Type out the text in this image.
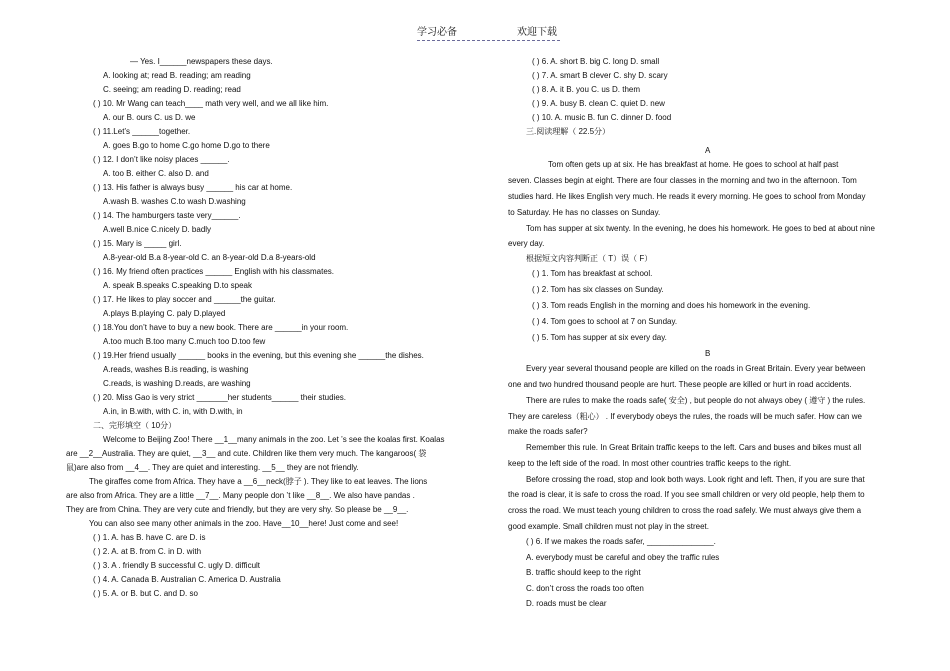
学习必备	欢迎下载
— Yes. I______newspapers these days.
A. looking at; read B. reading; am reading
C. seeing; am reading D. reading; read
( ) 10. Mr Wang can teach____ math very well, and we all like him.
A. our B. ours C. us D. we
( ) 11.Let’s ______together.
A. goes B.go to home C.go home D.go to there
( ) 12. I don’t like noisy places ______.
A. too B. either C. also D. and
( ) 13. His father is always busy ______ his car at home.
A.wash B. washes C.to wash D.washing
( ) 14. The hamburgers taste very______.
A.well B.nice C.nicely D. badly
( ) 15. Mary is _____ girl.
A.8-year-old B.a 8-year-old C. an 8-year-old D.a 8-years-old
( ) 16. My friend often practices ______ English with his classmates.
A. speak B.speaks C.speaking D.to speak
( ) 17. He likes to play soccer and ______the guitar.
A.plays B.playing C. paly D.played
( ) 18.You don’t have to buy a new book. There are ______in your room.
A.too much B.too many C.much too D.too few
( ) 19.Her friend usually ______ books in the evening, but this evening she ______the dishes.
A.reads, washes B.is reading, is washing
C.reads, is washing D.reads, are washing
( ) 20. Miss Gao is very strict _______her students______ their studies.
A.in, in B.with, with C. in, with D.with, in
二、完形填空（ 10分）
Welcome to Beijing Zoo! There __1__many animals in the zoo. Let ’s see the koalas first. Koalas
are __2__Australia. They are quiet, __3__ and cute. Children like them very much. The kangaroos( 袋
鼠)are also from __4__. They are quiet and interesting. __5__ they are not friendly.
The giraffes come from Africa. They have a __6__neck(脖子 ). They like to eat leaves. The lions
are also from Africa. They are a little __7__. Many people don ’t like __8__. We also have pandas .
They are from China. They are very cute and friendly, but they are very shy. So please be __9__.
You can also see many other animals in the zoo. Have__10__here! Just come and see!
( ) 1. A. has B. have C. are D. is
( ) 2. A. at B. from C. in D. with
( ) 3. A . friendly B successful C. ugly D. difficult
( ) 4. A. Canada B. Australian C. America D. Australia
( ) 5. A. or B. but C. and D. so
( ) 6. A. short B. big C. long D. small
( ) 7. A. smart B clever C. shy D. scary
( ) 8. A. it B. you C. us D. them
( ) 9. A. busy B. clean C. quiet D. new
( ) 10. A. music B. fun C. dinner D. food
三.阅读理解（ 22.5分）
A
Tom often gets up at six. He has breakfast at home. He goes to school at half past
seven. Classes begin at eight. There are four classes in the morning and two in the afternoon. Tom
studies hard. He likes English very much. He reads it every morning. He goes to school from Monday
to Saturday. He has no classes on Sunday.
Tom has supper at six twenty. In the evening, he does his homework. He goes to bed at about nine
every day.
根据短文内容判断正（ T）误（ F）
( ) 1. Tom has breakfast at school.
( ) 2. Tom has six classes on Sunday.
( ) 3. Tom reads English in the morning and does his homework in the evening.
( ) 4. Tom goes to school at 7 on Sunday.
( ) 5. Tom has supper at six every day.
B
Every year several thousand people are killed on the roads in Great Britain. Every year between
one and two hundred thousand people are hurt. These people are killed or hurt in road accidents.
There are rules to make the roads safe( 安全) , but people do not always obey ( 遵守 ) the rules.
They are careless（粗心） . If everybody obeys the rules, the roads will be much safer. How can we
make the roads safer?
Remember this rule. In Great Britain traffic keeps to the left. Cars and buses and bikes must all
keep to the left side of the road. In most other countries traffic keeps to the right.
Before crossing the road, stop and look both ways. Look right and left. Then, if you are sure that
the road is clear, it is safe to cross the road. If you see small children or very old people, help them to
cross the road. We must teach young children to cross the road safely. We must always give them a
good example. Small children must not play in the street.
( ) 6. If we makes the roads safer, _______________.
A. everybody must be careful and obey the traffic rules
B. traffic should keep to the right
C. don’t cross the roads too often
D. roads must be clear
